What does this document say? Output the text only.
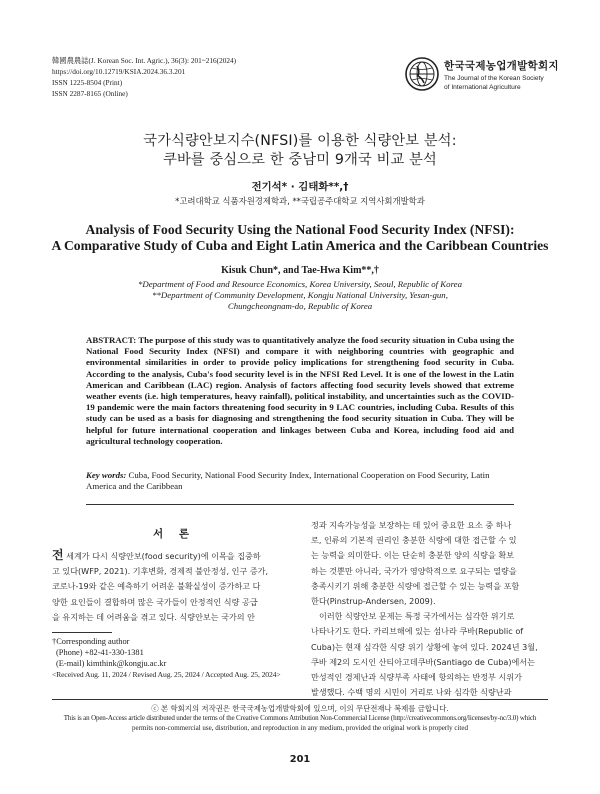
韓國農農誌(J. Korean Soc. Int. Agric.), 36(3): 201~216(2024)
https://doi.org/10.12719/KSIA.2024.36.3.201
ISSN 1225-8504 (Print)
ISSN 2287-8165 (Online)
한국국제농업개발학회지
The Journal of the Korean Society
of International Agriculture
국가식량안보지수(NFSI)를 이용한 식량안보 분석:
쿠바를 중심으로 한 중남미 9개국 비교 분석
전기석* · 김태화**,†
*고려대학교 식품자원경제학과, **국립공주대학교 지역사회개발학과
Analysis of Food Security Using the National Food Security Index (NFSI):
A Comparative Study of Cuba and Eight Latin America and the Caribbean Countries
Kisuk Chun*, and Tae-Hwa Kim**,†
*Department of Food and Resource Economics, Korea University, Seoul, Republic of Korea
**Department of Community Development, Kongju National University, Yesan-gun,
Chungcheongnam-do, Republic of Korea
ABSTRACT: The purpose of this study was to quantitatively analyze the food security situation in Cuba using the National Food Security Index (NFSI) and compare it with neighboring countries with geographic and environmental similarities in order to provide policy implications for strengthening food security in Cuba. According to the analysis, Cuba's food security level is in the NFSI Red Level. It is one of the lowest in the Latin American and Caribbean (LAC) region. Analysis of factors affecting food security levels showed that extreme weather events (i.e. high temperatures, heavy rainfall), political instability, and uncertainties such as the COVID-19 pandemic were the main factors threatening food security in 9 LAC countries, including Cuba. Results of this study can be used as a basis for diagnosing and strengthening the food security situation in Cuba. They will be helpful for future international cooperation and linkages between Cuba and Korea, including food aid and agricultural technology cooperation.
Key words: Cuba, Food Security, National Food Security Index, International Cooperation on Food Security, Latin America and the Caribbean
서 론
전 세계가 다시 식량안보(food security)에 이목을 집중하
고 있다(WFP, 2021). 기후변화, 경제적 불안정성, 인구 증가,
코로나-19와 같은 예측하기 어려운 불확실성이 증가하고 다
양한 요인들이 결합하며 많은 국가들이 안정적인 식량 공급
을 유지하는 데 어려움을 겪고 있다. 식량안보는 국가의 안
†Corresponding author
(Phone) +82-41-330-1381
(E-mail) kimthink@kongju.ac.kr
<Received Aug. 11, 2024 / Revised Aug. 25, 2024 / Accepted Aug. 25, 2024>
정과 지속가능성을 보장하는 데 있어 중요한 요소 중 하나
로, 인류의 기본적 권리인 충분한 식량에 대한 접근할 수 있
는 능력을 의미한다. 이는 단순히 충분한 양의 식량을 확보
하는 것뿐만 아니라, 국가가 영양학적으로 요구되는 열량을
충족시키기 위해 충분한 식량에 접근할 수 있는 능력을 포함
한다(Pinstrup-Andersen, 2009).
이러한 식량안보 문제는 특정 국가에서는 심각한 위기로
나타나기도 한다. 카리브해에 있는 섬나라 쿠바(Republic of
Cuba)는 현재 심각한 식량 위기 상황에 놓여 있다. 2024년 3월,
쿠바 제2의 도시인 산티아고데쿠바(Santiago de Cuba)에서는
만성적인 경제난과 식량부족 사태에 항의하는 반정부 시위가
발생했다. 수백 명의 시민이 거리로 나와 심각한 식량난과
ⓒ 본 학회지의 저작권은 한국국제농업개발학회에 있으며, 이의 무단전재나 복제를 금합니다.
This is an Open-Access article distributed under the terms of the Creative Commons Attribution Non-Commercial License (http://creativecommons.org/licenses/by-nc/3.0) which
permits non-commercial use, distribution, and reproduction in any medium, provided the original work is properly cited
201
